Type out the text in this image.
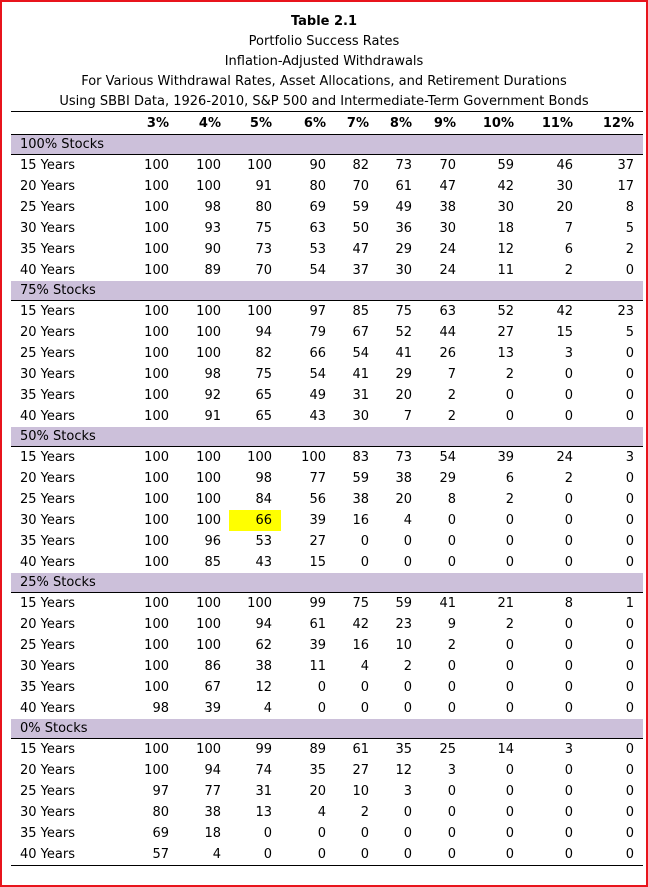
Table 2.1
Portfolio Success Rates
Inflation-Adjusted Withdrawals
For Various Withdrawal Rates, Asset Allocations, and Retirement Durations
Using SBBI Data, 1926-2010, S&P 500 and Intermediate-Term Government Bonds
3% 4% 5% 6% 7% 8% 9% 10% 11% 12%
100% Stocks
15 Years	100 100 100	90 82 73 70	59	46	37
20 Years	100 100	91	80 70 61 47	42	30	17
25 Years	100	98	80	69 59 49 38	30	20	8
30 Years	100	93	75	63 50 36 30	18	7	5
35 Years	100	90	73	53 47 29 24	12	6	2
40 Years	100	89	70	54 37 30 24	11	2	0
75% Stocks
15 Years	100 100 100	97 85 75 63	52	42	23
20 Years	100 100	94	79 67 52 44	27	15	5
25 Years	100 100	82	66 54 41 26	13	3	0
30 Years	100	98	75	54 41 29	7	2	0	0
35 Years	100	92	65	49 31 20	2	0	0	0
40 Years	100	91	65	43 30	7	2	0	0	0
50% Stocks
15 Years	100 100 100 100 83 73 54	39	24	3
20 Years	100 100	98	77 59 38 29	6	2	0
25 Years	100 100	84	56 38 20	8	2	0	0
30 Years	100 100	66	39 16	4	0	0	0	0
35 Years	100	96	53	27	0	0	0	0	0	0
40 Years	100	85	43	15	0	0	0	0	0	0
25% Stocks
15 Years	100 100 100	99 75 59 41	21	8	1
20 Years	100 100	94	61 42 23	9	2	0	0
25 Years	100 100	62	39 16 10	2	0	0	0
30 Years	100	86	38	11	4	2	0	0	0	0
35 Years	100	67	12	0	0	0	0	0	0	0
40 Years	98	39	4	0	0	0	0	0	0	0
0% Stocks
15 Years	100 100	99	89 61 35 25	14	3	0
20 Years	100	94	74	35 27 12	3	0	0	0
25 Years	97	77	31	20 10	3	0	0	0	0
30 Years	80	38	13	4	2	0	0	0	0	0
35 Years	69	18	0	0	0	0	0	0	0	0
40 Years	57	4	0	0	0	0	0	0	0	0
